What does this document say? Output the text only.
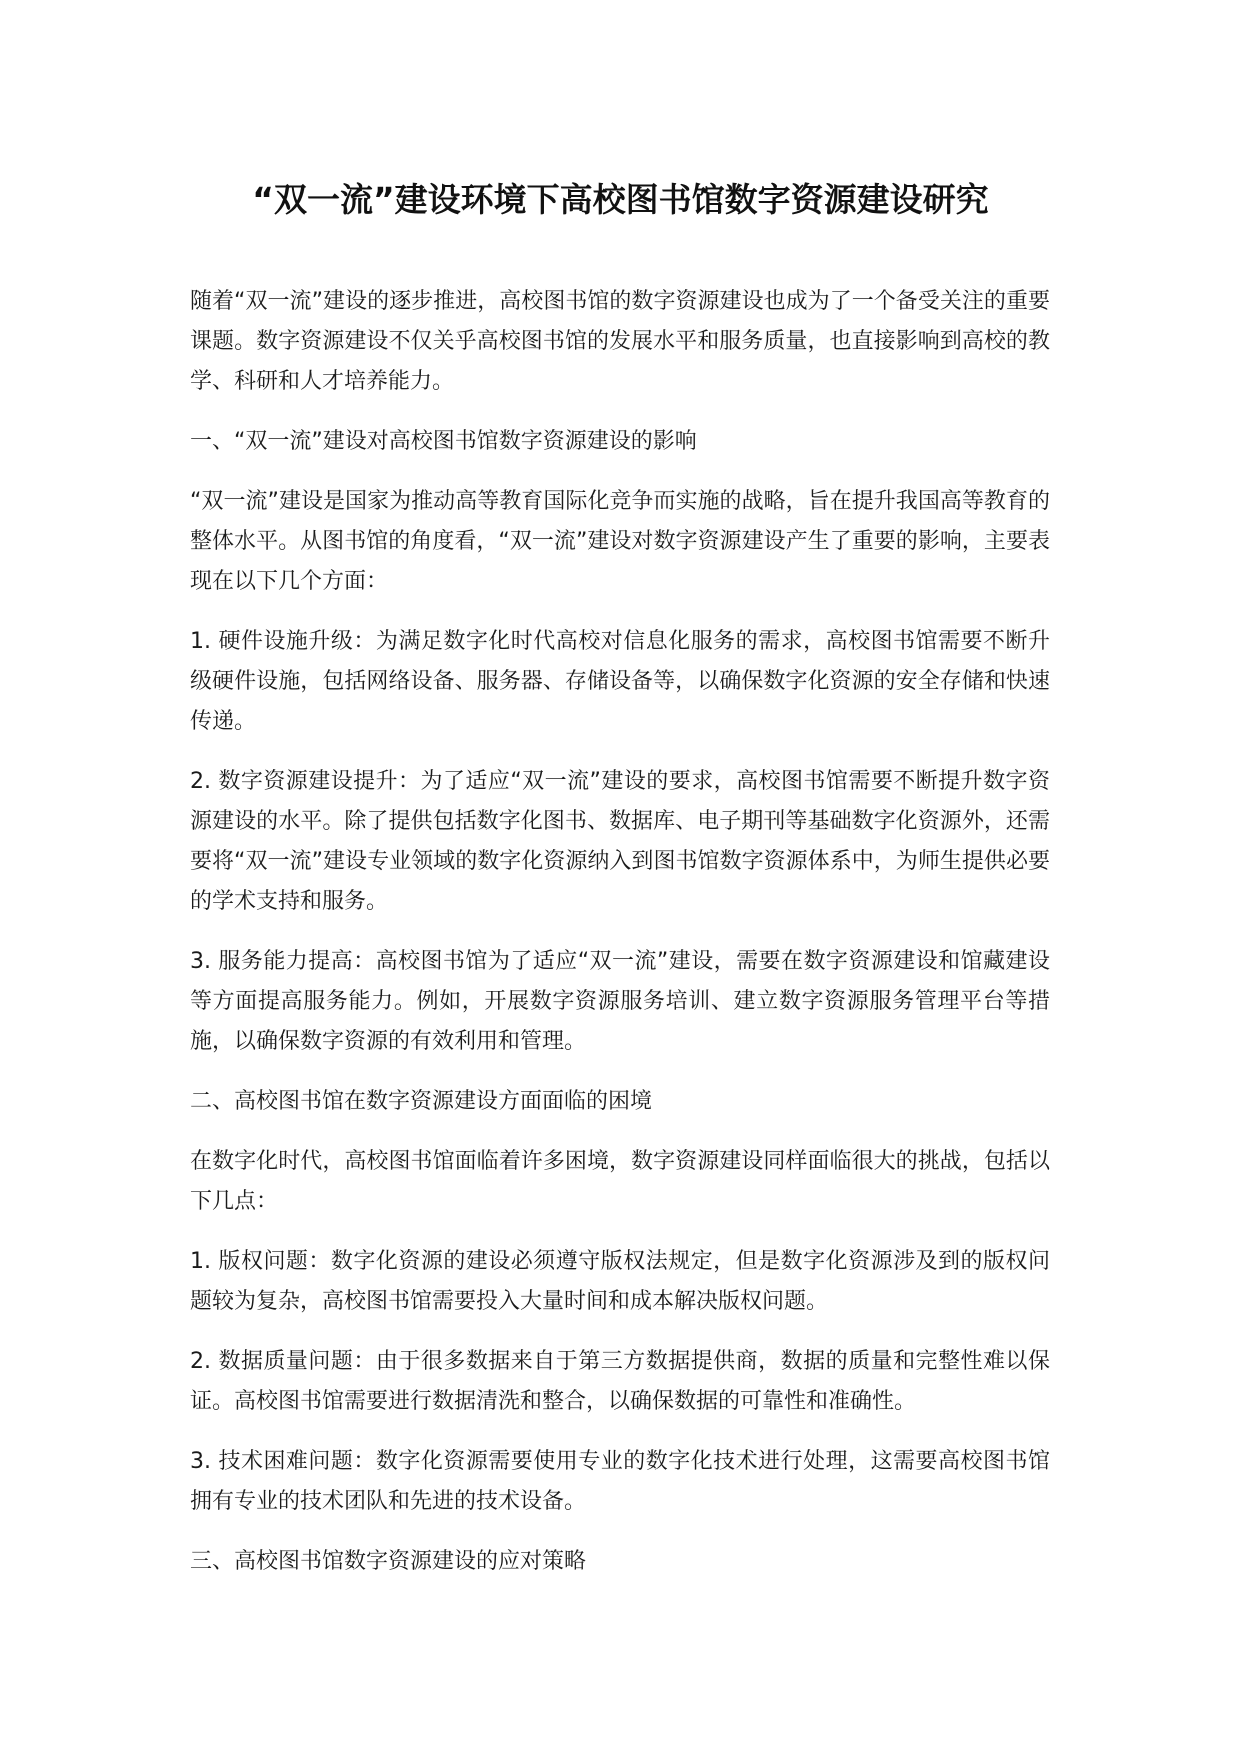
“双一流”建设环境下高校图书馆数字资源建设研究

随着“双一流”建设的逐步推进，高校图书馆的数字资源建设也成为了一个备受关注的重要课题。数字资源建设不仅关乎高校图书馆的发展水平和服务质量，也直接影响到高校的教学、科研和人才培养能力。

一、“双一流”建设对高校图书馆数字资源建设的影响

“双一流”建设是国家为推动高等教育国际化竞争而实施的战略，旨在提升我国高等教育的整体水平。从图书馆的角度看，“双一流”建设对数字资源建设产生了重要的影响，主要表现在以下几个方面：

1. 硬件设施升级：为满足数字化时代高校对信息化服务的需求，高校图书馆需要不断升级硬件设施，包括网络设备、服务器、存储设备等，以确保数字化资源的安全存储和快速传递。

2. 数字资源建设提升：为了适应“双一流”建设的要求，高校图书馆需要不断提升数字资源建设的水平。除了提供包括数字化图书、数据库、电子期刊等基础数字化资源外，还需要将“双一流”建设专业领域的数字化资源纳入到图书馆数字资源体系中，为师生提供必要的学术支持和服务。

3. 服务能力提高：高校图书馆为了适应“双一流”建设，需要在数字资源建设和馆藏建设等方面提高服务能力。例如，开展数字资源服务培训、建立数字资源服务管理平台等措施，以确保数字资源的有效利用和管理。

二、高校图书馆在数字资源建设方面面临的困境

在数字化时代，高校图书馆面临着许多困境，数字资源建设同样面临很大的挑战，包括以下几点：

1. 版权问题：数字化资源的建设必须遵守版权法规定，但是数字化资源涉及到的版权问题较为复杂，高校图书馆需要投入大量时间和成本解决版权问题。

2. 数据质量问题：由于很多数据来自于第三方数据提供商，数据的质量和完整性难以保证。高校图书馆需要进行数据清洗和整合，以确保数据的可靠性和准确性。

3. 技术困难问题：数字化资源需要使用专业的数字化技术进行处理，这需要高校图书馆拥有专业的技术团队和先进的技术设备。

三、高校图书馆数字资源建设的应对策略
